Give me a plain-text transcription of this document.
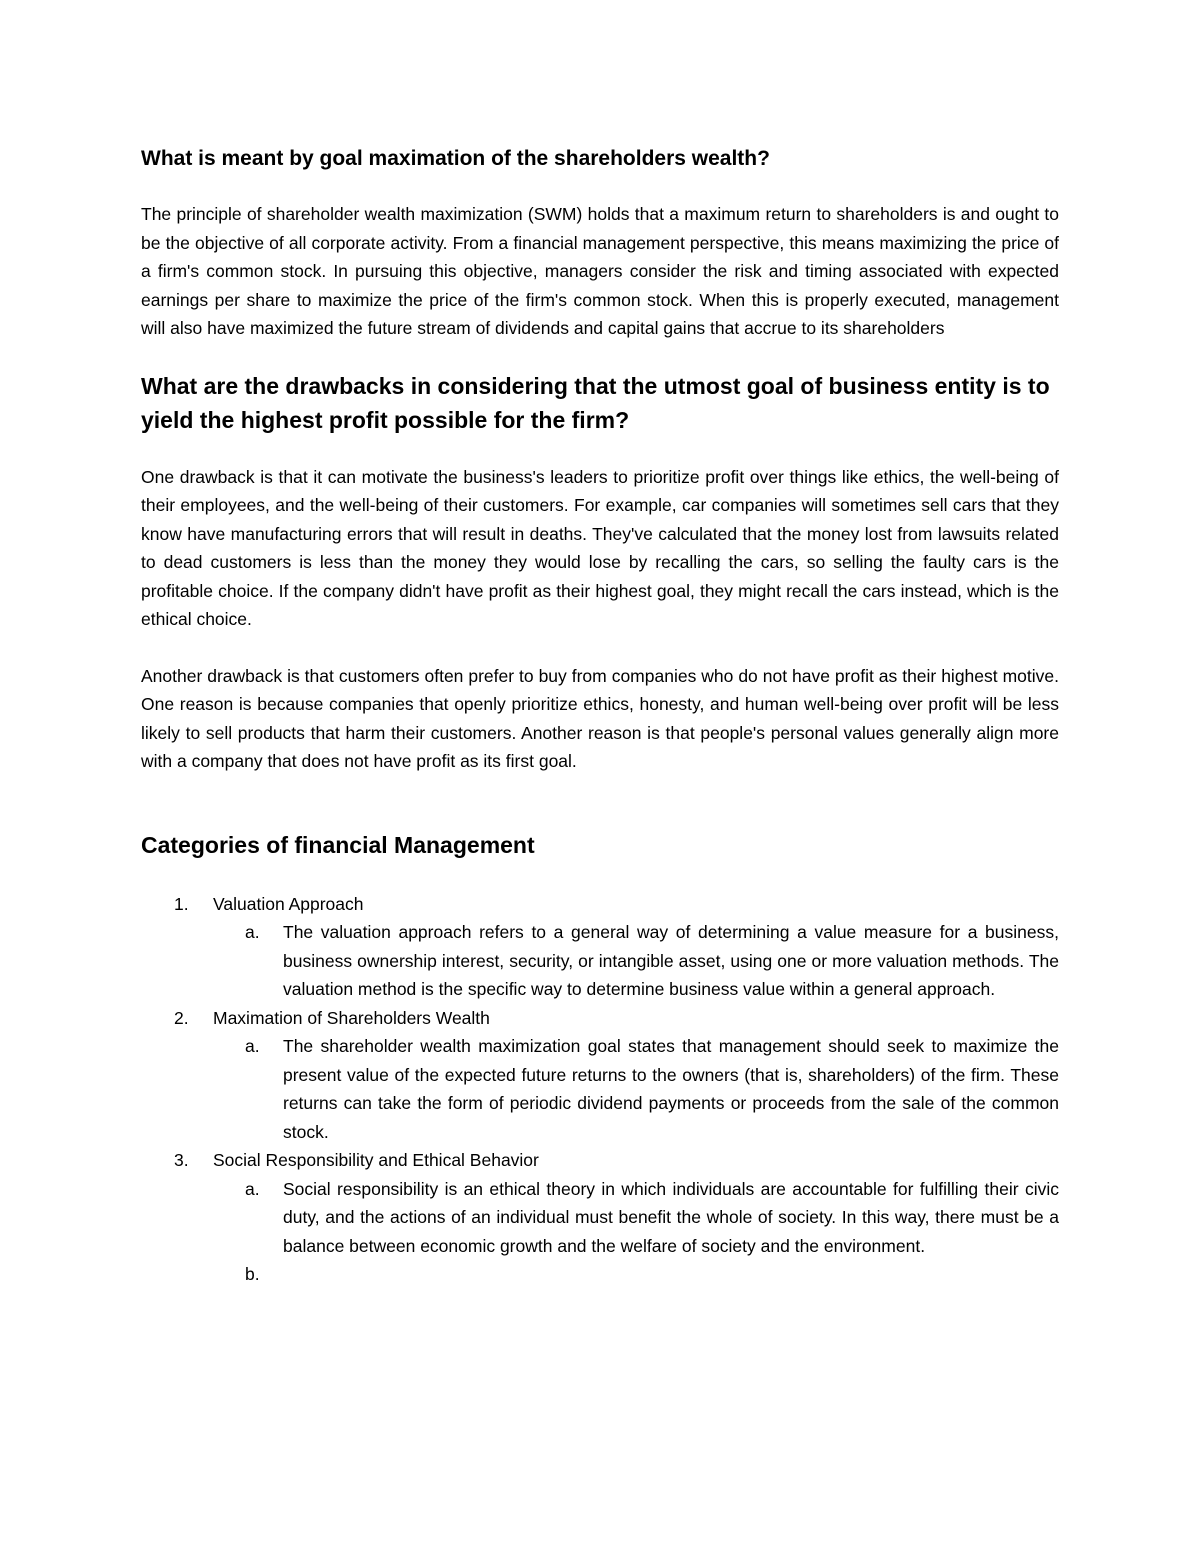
What is meant by goal maximation of the shareholders wealth?

The principle of shareholder wealth maximization (SWM) holds that a maximum return to shareholders is and ought to be the objective of all corporate activity. From a financial management perspective, this means maximizing the price of a firm's common stock. In pursuing this objective, managers consider the risk and timing associated with expected earnings per share to maximize the price of the firm's common stock. When this is properly executed, management will also have maximized the future stream of dividends and capital gains that accrue to its shareholders

What are the drawbacks in considering that the utmost goal of business entity is to yield the highest profit possible for the firm?

One drawback is that it can motivate the business's leaders to prioritize profit over things like ethics, the well-being of their employees, and the well-being of their customers. For example, car companies will sometimes sell cars that they know have manufacturing errors that will result in deaths. They've calculated that the money lost from lawsuits related to dead customers is less than the money they would lose by recalling the cars, so selling the faulty cars is the profitable choice. If the company didn't have profit as their highest goal, they might recall the cars instead, which is the ethical choice.

Another drawback is that customers often prefer to buy from companies who do not have profit as their highest motive. One reason is because companies that openly prioritize ethics, honesty, and human well-being over profit will be less likely to sell products that harm their customers. Another reason is that people's personal values generally align more with a company that does not have profit as its first goal.

Categories of financial Management
1. Valuation Approach
a. The valuation approach refers to a general way of determining a value measure for a business, business ownership interest, security, or intangible asset, using one or more valuation methods. The valuation method is the specific way to determine business value within a general approach.
2. Maximation of Shareholders Wealth
a. The shareholder wealth maximization goal states that management should seek to maximize the present value of the expected future returns to the owners (that is, shareholders) of the firm. These returns can take the form of periodic dividend payments or proceeds from the sale of the common stock.
3. Social Responsibility and Ethical Behavior
a. Social responsibility is an ethical theory in which individuals are accountable for fulfilling their civic duty, and the actions of an individual must benefit the whole of society. In this way, there must be a balance between economic growth and the welfare of society and the environment.
b.
